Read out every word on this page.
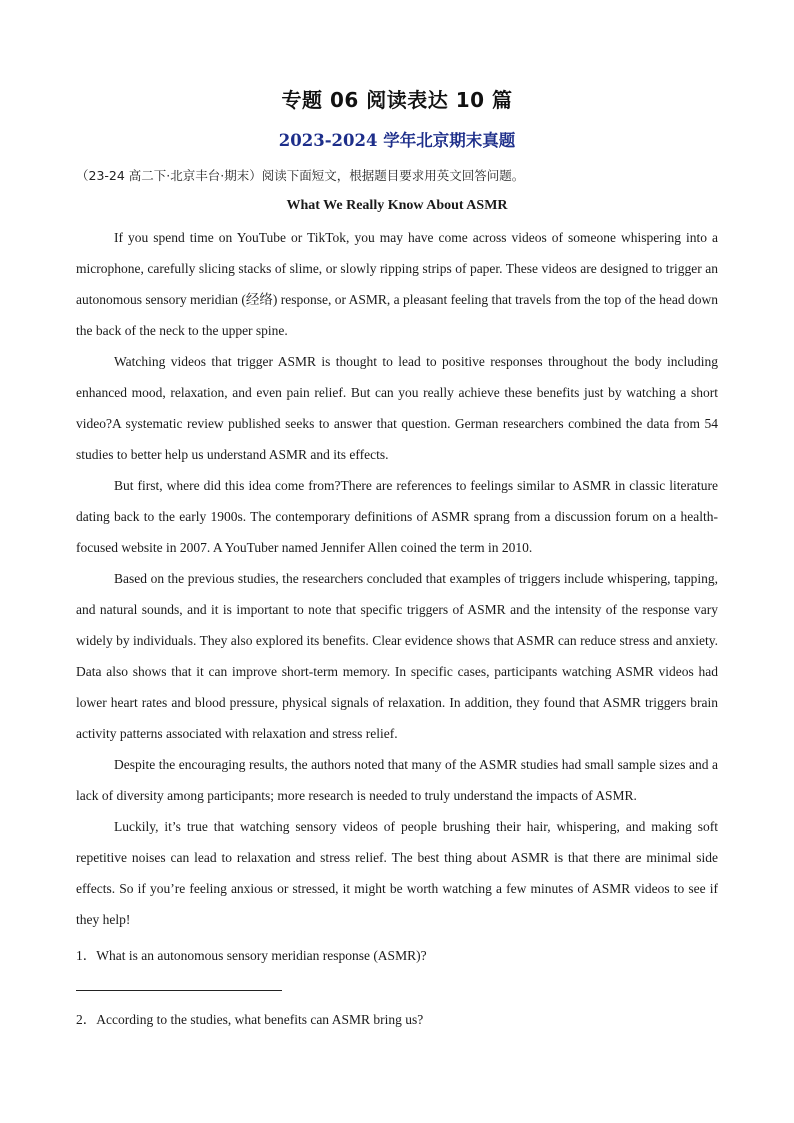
专题 06 阅读表达 10 篇
2023-2024 学年北京期末真题
（23-24 高二下·北京丰台·期末）阅读下面短文，根据题目要求用英文回答问题。
What We Really Know About ASMR

If you spend time on YouTube or TikTok, you may have come across videos of someone whispering into a microphone, carefully slicing stacks of slime, or slowly ripping strips of paper. These videos are designed to trigger an autonomous sensory meridian (经络) response, or ASMR, a pleasant feeling that travels from the top of the head down the back of the neck to the upper spine.

Watching videos that trigger ASMR is thought to lead to positive responses throughout the body including enhanced mood, relaxation, and even pain relief. But can you really achieve these benefits just by watching a short video?A systematic review published seeks to answer that question. German researchers combined the data from 54 studies to better help us understand ASMR and its effects.

But first, where did this idea come from?There are references to feelings similar to ASMR in classic literature dating back to the early 1900s. The contemporary definitions of ASMR sprang from a discussion forum on a health-focused website in 2007. A YouTuber named Jennifer Allen coined the term in 2010.

Based on the previous studies, the researchers concluded that examples of triggers include whispering, tapping, and natural sounds, and it is important to note that specific triggers of ASMR and the intensity of the response vary widely by individuals. They also explored its benefits. Clear evidence shows that ASMR can reduce stress and anxiety. Data also shows that it can improve short-term memory. In specific cases, participants watching ASMR videos had lower heart rates and blood pressure, physical signals of relaxation. In addition, they found that ASMR triggers brain activity patterns associated with relaxation and stress relief.

Despite the encouraging results, the authors noted that many of the ASMR studies had small sample sizes and a lack of diversity among participants; more research is needed to truly understand the impacts of ASMR.

Luckily, it’s true that watching sensory videos of people brushing their hair, whispering, and making soft repetitive noises can lead to relaxation and stress relief. The best thing about ASMR is that there are minimal side effects. So if you’re feeling anxious or stressed, it might be worth watching a few minutes of ASMR videos to see if they help!

1．What is an autonomous sensory meridian response (ASMR)?
2．According to the studies, what benefits can ASMR bring us?
